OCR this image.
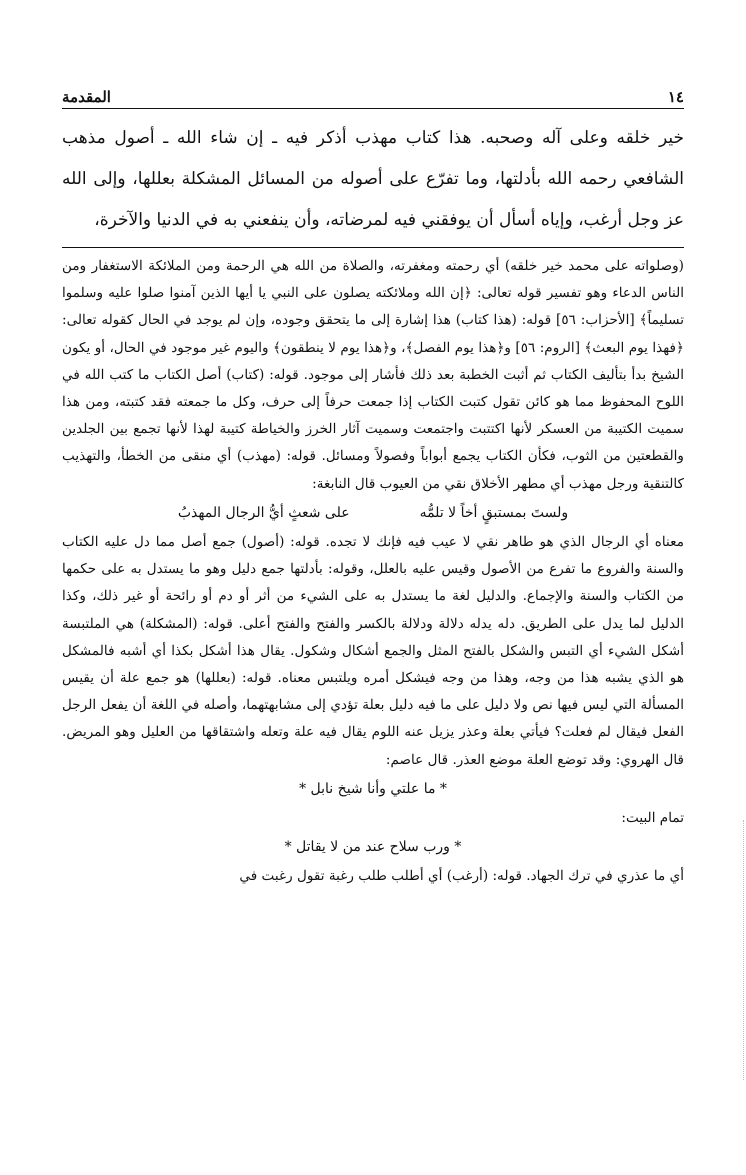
١٤
المقدمة

خير خلقه وعلى آله وصحبه. هذا كتاب مهذب أذكر فيه ـ إن شاء الله ـ أصول مذهب الشافعي رحمه الله بأدلتها، وما تفرّع على أصوله من المسائل المشكلة بعللها، وإلى الله عز وجل أرغب، وإياه أسأل أن يوفقني فيه لمرضاته، وأن ينفعني به في الدنيا والآخرة،

(وصلواته على محمد خير خلقه) أي رحمته ومغفرته، والصلاة من الله هي الرحمة ومن الملائكة الاستغفار ومن الناس الدعاء وهو تفسير قوله تعالى: ﴿إن الله وملائكته يصلون على النبي يا أيها الذين آمنوا صلوا عليه وسلموا تسليماً﴾ [الأحزاب: ٥٦] قوله: (هذا كتاب) هذا إشارة إلى ما يتحقق وجوده، وإن لم يوجد في الحال كقوله تعالى: ﴿فهذا يوم البعث﴾ [الروم: ٥٦] و﴿هذا يوم الفصل﴾، و﴿هذا يوم لا ينطقون﴾ واليوم غير موجود في الحال، أو يكون الشيخ بدأ بتأليف الكتاب ثم أثبت الخطبة بعد ذلك فأشار إلى موجود. قوله: (كتاب) أصل الكتاب ما كتب الله في اللوح المحفوظ مما هو كائن تقول كتبت الكتاب إذا جمعت حرفاً إلى حرف، وكل ما جمعته فقد كتبته، ومن هذا سميت الكتيبة من العسكر لأنها اكتتبت واجتمعت وسميت آثار الخرز والخياطة كتيبة لهذا لأنها تجمع بين الجلدين والقطعتين من الثوب، فكأن الكتاب يجمع أبواباً وفصولاً ومسائل. قوله: (مهذب) أي منقى من الخطأ، والتهذيب كالتنقية ورجل مهذب أي مطهر الأخلاق نقي من العيوب قال النابغة:

ولستَ بمستبقٍ أخاً لا تلمُّه
على شعثٍ أيُّ الرجال المهذبُ

معناه أي الرجال الذي هو طاهر نقي لا عيب فيه فإنك لا تجده. قوله: (أصول) جمع أصل مما دل عليه الكتاب والسنة والفروع ما تفرع من الأصول وقيس عليه بالعلل، وقوله: بأدلتها جمع دليل وهو ما يستدل به على حكمها من الكتاب والسنة والإجماع. والدليل لغة ما يستدل به على الشيء من أثر أو دم أو رائحة أو غير ذلك، وكذا الدليل لما يدل على الطريق. دله يدله دلالة ودلالة بالكسر والفتح والفتح أعلى. قوله: (المشكلة) هي الملتبسة أشكل الشيء أي التبس والشكل بالفتح المثل والجمع أشكال وشكول. يقال هذا أشكل بكذا أي أشبه فالمشكل هو الذي يشبه هذا من وجه، وهذا من وجه فيشكل أمره ويلتبس معناه. قوله: (بعللها) هو جمع علة أن يقيس المسألة التي ليس فيها نص ولا دليل على ما فيه دليل بعلة تؤدي إلى مشابهتهما، وأصله في اللغة أن يفعل الرجل الفعل فيقال لم فعلت؟ فيأتي بعلة وعذر يزيل عنه اللوم يقال فيه علة وتعله واشتقاقها من العليل وهو المريض. قال الهروي: وقد توضع العلة موضع العذر. قال عاصم:

* ما علتي وأنا شيخ نابل *

تمام البيت:

* ورب سلاح عند من لا يقاتل *

أي ما عذري في ترك الجهاد. قوله: (أرغب) أي أطلب طلب رغبة تقول رغبت في
